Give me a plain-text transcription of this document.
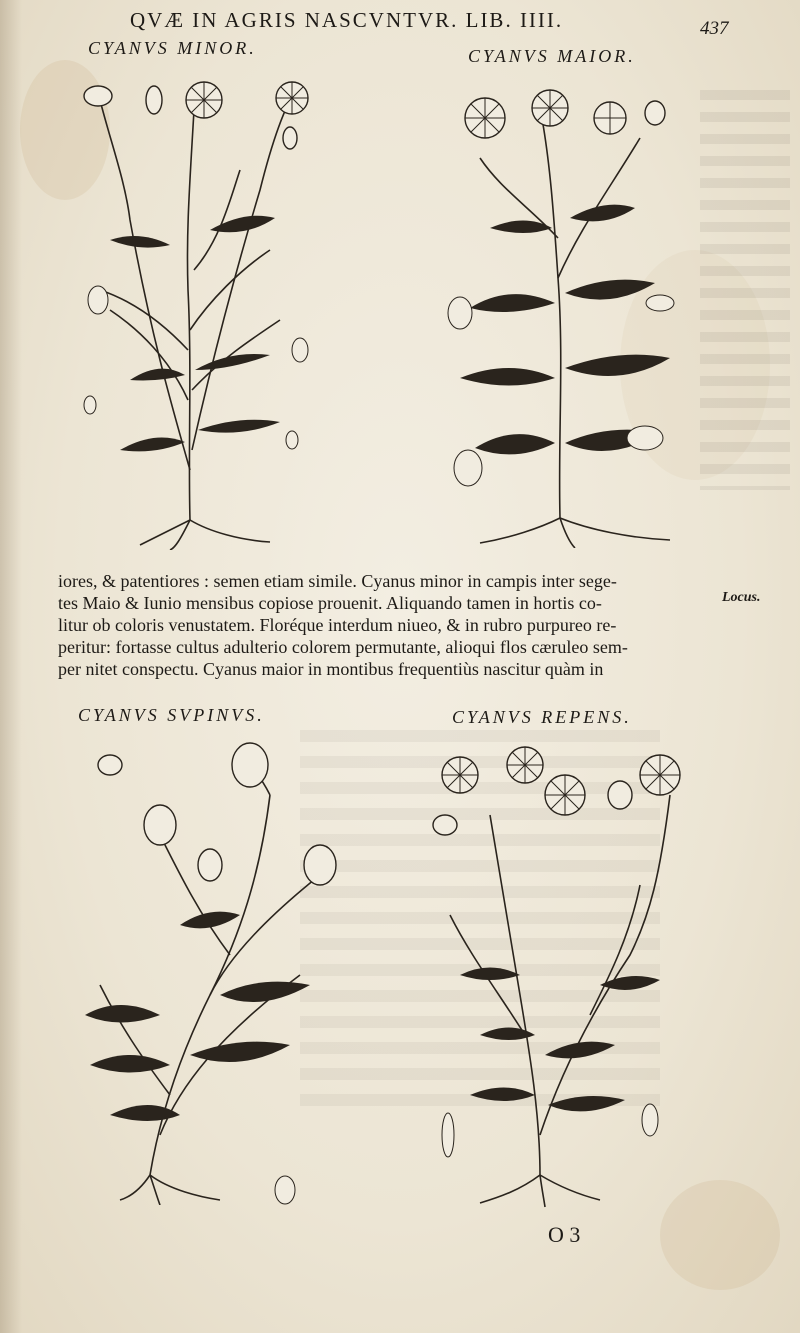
QVÆ IN AGRIS NASCVNTVR. LIB. IIII.	437
CYANVS MINOR.	CYANVS MAIOR.
iores, & patentiores : semen etiam simile. Cyanus minor in campis inter sege-
tes Maio & Iunio mensibus copiose prouenit. Aliquando tamen in hortis co-
litur ob coloris venustatem. Floréque interdum niueo, & in rubro purpureo re-
peritur: fortasse cultus adulterio colorem permutante, alioqui flos cæruleo sem-
per nitet conspectu. Cyanus maior in montibus frequentiùs nascitur quàm in
Locus.
CYANVS SVPINVS.	CYANVS REPENS.
O 3
